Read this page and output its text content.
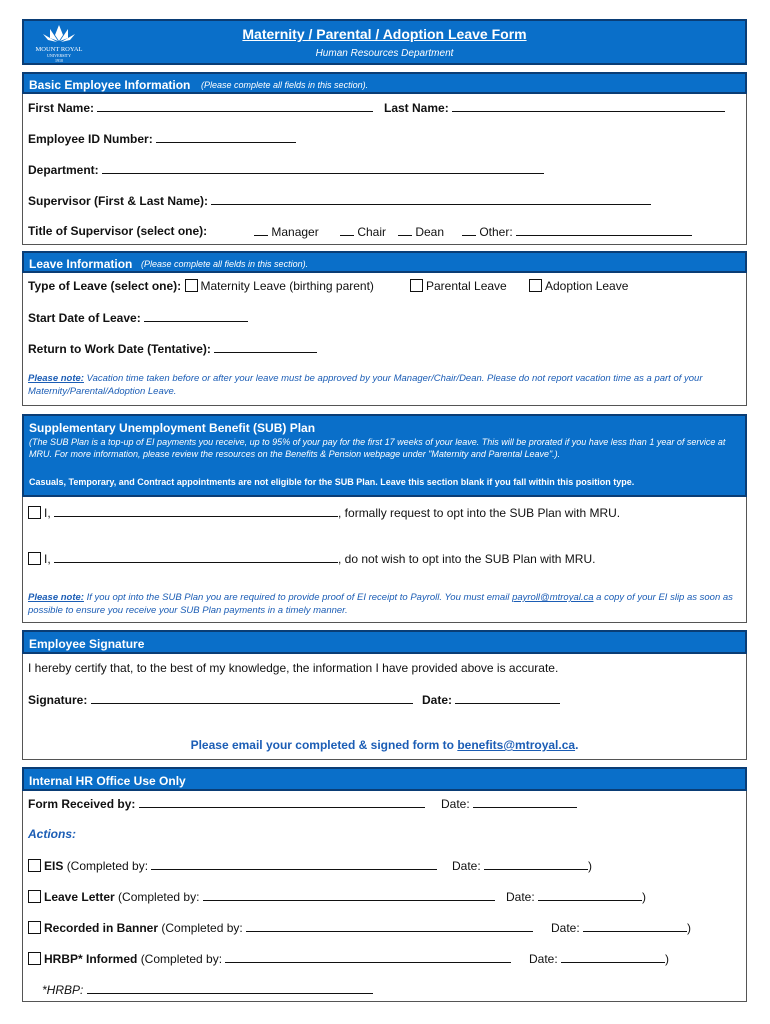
MOUNT ROYAL
UNIVERSITY
1910
Maternity / Parental / Adoption Leave Form
Human Resources Department
Basic Employee Information (Please complete all fields in this section).
First Name:	Last Name:
Employee ID Number:
Department:
Supervisor (First & Last Name):
Title of Supervisor (select one):	Manager	Chair	Dean	Other:
Leave Information (Please complete all fields in this section).
Type of Leave (select one): Maternity Leave (birthing parent)	Parental Leave	Adoption Leave
Start Date of Leave:
Return to Work Date (Tentative):
Please note: Vacation time taken before or after your leave must be approved by your Manager/Chair/Dean. Please do not report vacation time as a part of your Maternity/Parental/Adoption Leave.
Supplementary Unemployment Benefit (SUB) Plan
(The SUB Plan is a top-up of EI payments you receive, up to 95% of your pay for the first 17 weeks of your leave. This will be prorated if you have less than 1 year of service at MRU. For more information, please review the resources on the Benefits & Pension webpage under "Maternity and Parental Leave".).
Casuals, Temporary, and Contract appointments are not eligible for the SUB Plan. Leave this section blank if you fall within this position type.
I,	, formally request to opt into the SUB Plan with MRU.
I,	, do not wish to opt into the SUB Plan with MRU.
Please note: If you opt into the SUB Plan you are required to provide proof of EI receipt to Payroll. You must email payroll@mtroyal.ca a copy of your EI slip as soon as possible to ensure you receive your SUB Plan payments in a timely manner.
Employee Signature
I hereby certify that, to the best of my knowledge, the information I have provided above is accurate.
Signature:	Date:
Please email your completed & signed form to benefits@mtroyal.ca.
Internal HR Office Use Only
Form Received by:	Date:
Actions:
EIS (Completed by:	Date:	)
Leave Letter (Completed by:	Date:	)
Recorded in Banner (Completed by:	Date:	)
HRBP* Informed (Completed by:	Date:	)
*HRBP:
